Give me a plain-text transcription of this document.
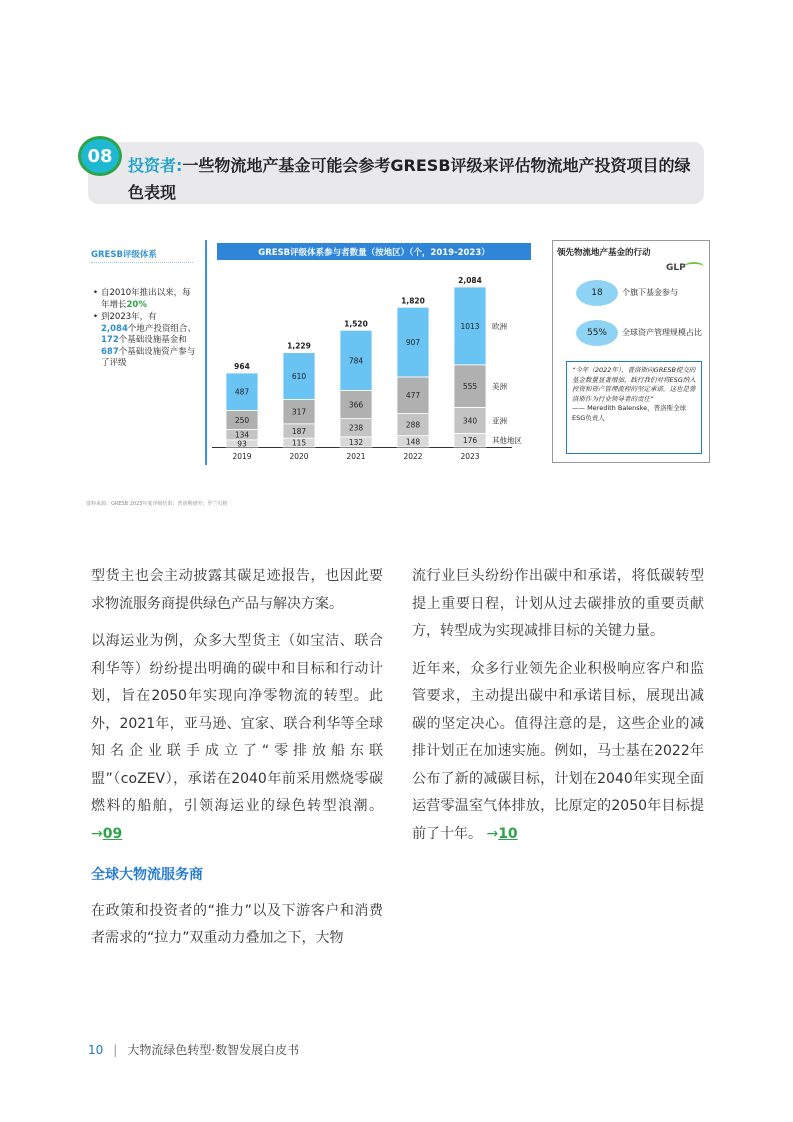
08 投资者:一些物流地产基金可能会参考GRESB评级来评估物流地产投资项目的绿色表现
GRESB评级体系
• 自2010年推出以来，每年增长20%
• 到2023年，有
2,084个地产投资组合、172个基础设施基金和687个基础设施资产参与了评级
GRESB评级体系参与者数量（按地区）（个，2019-2023）
93
134
250
487
964
2019
115
187
317
610
1,229
2020
132
238
366
784
1,520
2021
148
288
477
907
1,820
2022
176
340
555
1013
2,084
2023
其他地区
亚洲
美洲
欧洲
领先物流地产基金的行动
GLP
18	个旗下基金参与
55%	全球资产管理规模占比
“今年（2022年），普洛斯向GRESB提交的基金数量显著增加，践行我们对将ESG纳入投资和资产管理流程的坚定承诺。这也是普洛斯作为行业领导者的责任”
—— Meredith Balenske，普洛斯全球ESG负责人
资料来源：GRESB 2023年度评级结果；普洛斯研究；罗兰贝格

型货主也会主动披露其碳足迹报告，也因此要求物流服务商提供绿色产品与解决方案。

以海运业为例，众多大型货主（如宝洁、联合利华等）纷纷提出明确的碳中和目标和行动计划，旨在2050年实现向净零物流的转型。此外，2021年，亚马逊、宜家、联合利华等全球知名企业联手成立了“零排放船东联盟”（coZEV），承诺在2040年前采用燃烧零碳燃料的船舶，引领海运业的绿色转型浪潮。 →09

全球大物流服务商

在政策和投资者的“推力”以及下游客户和消费者需求的“拉力”双重动力叠加之下，大物

流行业巨头纷纷作出碳中和承诺，将低碳转型提上重要日程，计划从过去碳排放的重要贡献方，转型成为实现减排目标的关键力量。

近年来，众多行业领先企业积极响应客户和监管要求，主动提出碳中和承诺目标，展现出减碳的坚定决心。值得注意的是，这些企业的减排计划正在加速实施。例如，马士基在2022年公布了新的减碳目标，计划在2040年实现全面运营零温室气体排放，比原定的2050年目标提前了十年。 →10

10 | 大物流绿色转型·数智发展白皮书
